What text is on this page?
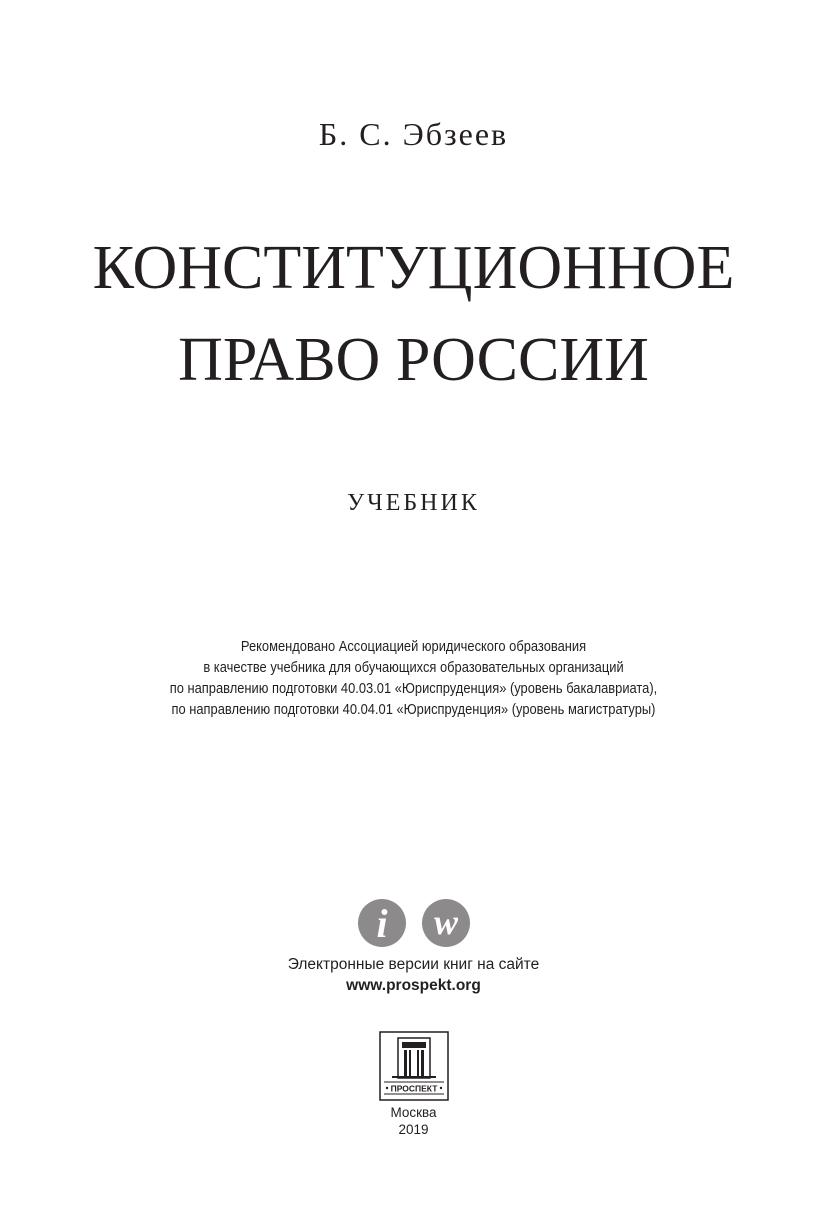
Б. С. Эбзеев
КОНСТИТУЦИОННОЕ
ПРАВО РОССИИ
УЧЕБНИК
Рекомендовано Ассоциацией юридического образования
в качестве учебника для обучающихся образовательных организаций
по направлению подготовки 40.03.01 «Юриспруденция» (уровень бакалавриата),
по направлению подготовки 40.04.01 «Юриспруденция» (уровень магистратуры)
i w
Электронные версии книг на сайте
www.prospekt.org
ПРОСПЕКТ
Москва
2019
